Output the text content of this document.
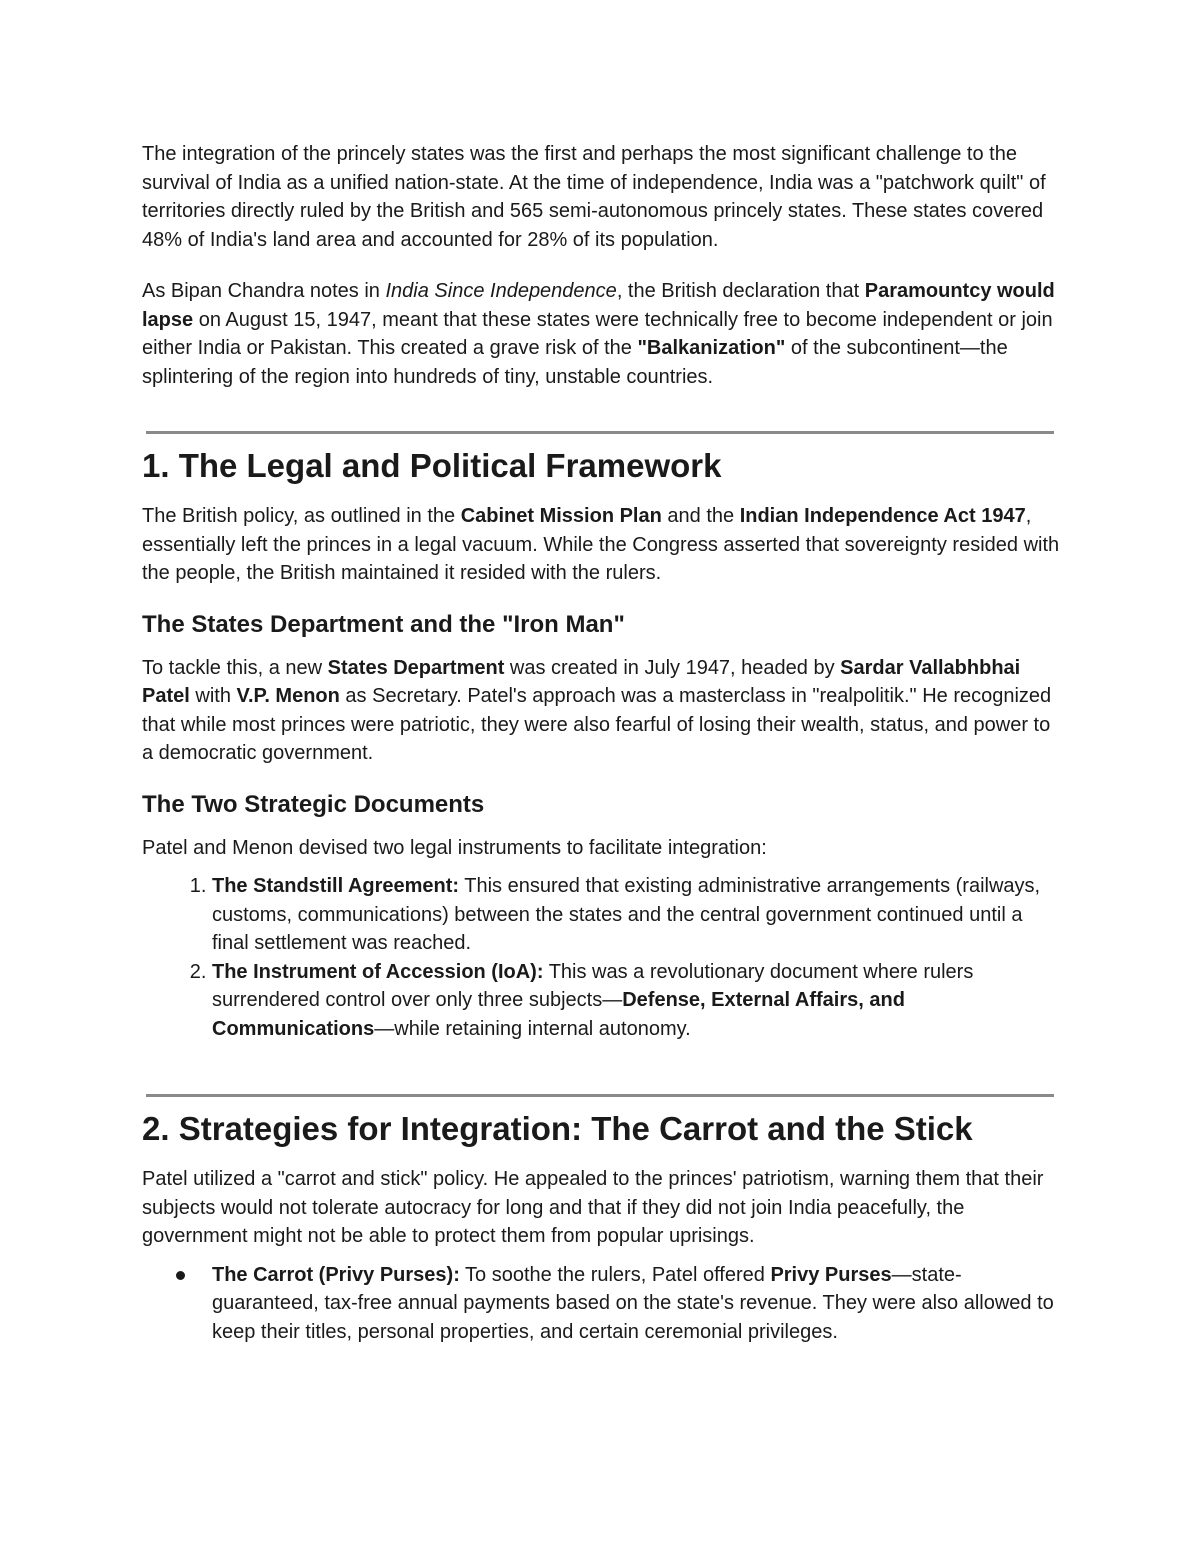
The integration of the princely states was the first and perhaps the most significant challenge to the survival of India as a unified nation-state. At the time of independence, India was a "patchwork quilt" of territories directly ruled by the British and 565 semi-autonomous princely states. These states covered 48% of India's land area and accounted for 28% of its population.

As Bipan Chandra notes in India Since Independence, the British declaration that Paramountcy would lapse on August 15, 1947, meant that these states were technically free to become independent or join either India or Pakistan. This created a grave risk of the "Balkanization" of the subcontinent—the splintering of the region into hundreds of tiny, unstable countries.

1. The Legal and Political Framework

The British policy, as outlined in the Cabinet Mission Plan and the Indian Independence Act 1947, essentially left the princes in a legal vacuum. While the Congress asserted that sovereignty resided with the people, the British maintained it resided with the rulers.

The States Department and the "Iron Man"

To tackle this, a new States Department was created in July 1947, headed by Sardar Vallabhbhai Patel with V.P. Menon as Secretary. Patel's approach was a masterclass in "realpolitik." He recognized that while most princes were patriotic, they were also fearful of losing their wealth, status, and power to a democratic government.

The Two Strategic Documents

Patel and Menon devised two legal instruments to facilitate integration:

1. The Standstill Agreement: This ensured that existing administrative arrangements (railways, customs, communications) between the states and the central government continued until a final settlement was reached.
2. The Instrument of Accession (IoA): This was a revolutionary document where rulers surrendered control over only three subjects—Defense, External Affairs, and Communications—while retaining internal autonomy.
2. Strategies for Integration: The Carrot and the Stick

Patel utilized a "carrot and stick" policy. He appealed to the princes' patriotism, warning them that their subjects would not tolerate autocracy for long and that if they did not join India peacefully, the government might not be able to protect them from popular uprisings.

The Carrot (Privy Purses): To soothe the rulers, Patel offered Privy Purses—state-guaranteed, tax-free annual payments based on the state's revenue. They were also allowed to keep their titles, personal properties, and certain ceremonial privileges.
